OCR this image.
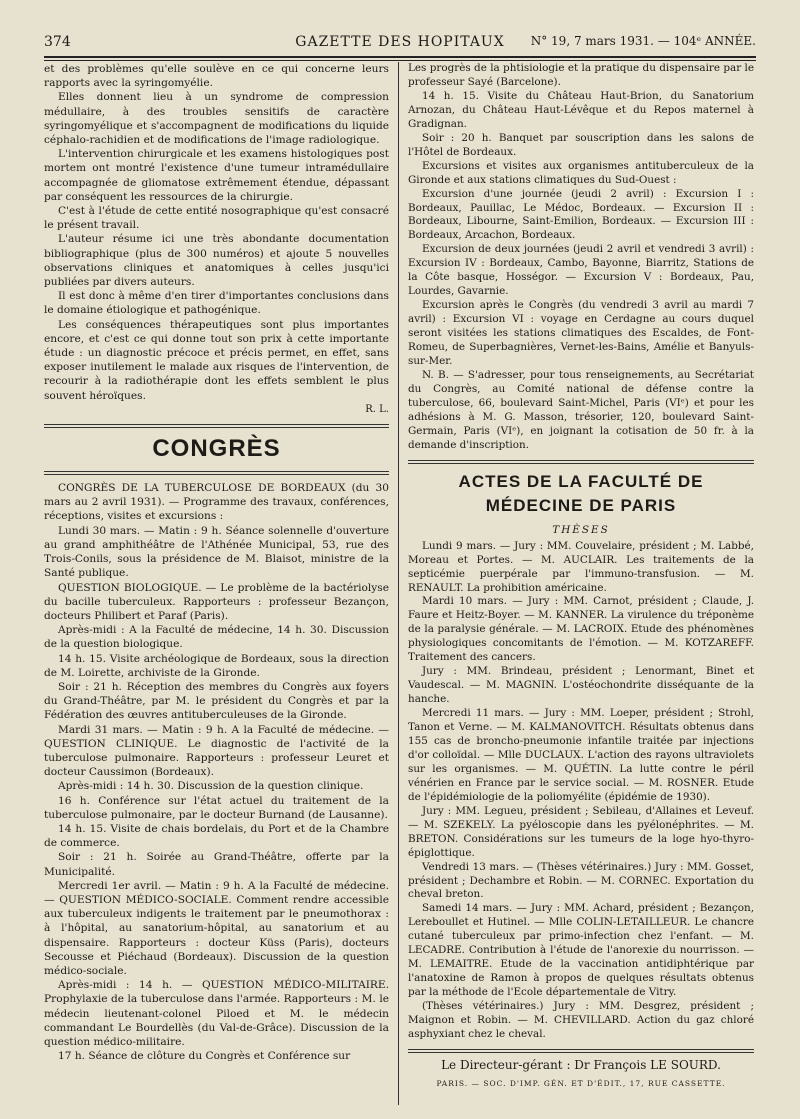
374	GAZETTE DES HOPITAUX	N° 19, 7 mars 1931. — 104ᵉ ANNÉE.

et des problèmes qu'elle soulève en ce qui concerne leurs rapports avec la syringomyélie.

Elles donnent lieu à un syndrome de compression médullaire, à des troubles sensitifs de caractère syringomyélique et s'accompagnent de modifications du liquide céphalo-rachidien et de modifications de l'image radiologique.

L'intervention chirurgicale et les examens histologiques post mortem ont montré l'existence d'une tumeur intramédullaire accompagnée de gliomatose extrêmement étendue, dépassant par conséquent les ressources de la chirurgie.

C'est à l'étude de cette entité nosographique qu'est consacré le présent travail.

L'auteur résume ici une très abondante documentation bibliographique (plus de 300 numéros) et ajoute 5 nouvelles observations cliniques et anatomiques à celles jusqu'ici publiées par divers auteurs.

Il est donc à même d'en tirer d'importantes conclusions dans le domaine étiologique et pathogénique.

Les conséquences thérapeutiques sont plus importantes encore, et c'est ce qui donne tout son prix à cette importante étude : un diagnostic précoce et précis permet, en effet, sans exposer inutilement le malade aux risques de l'intervention, de recourir à la radiothérapie dont les effets semblent le plus souvent héroïques.

R. L.
CONGRÈS

CONGRÈS DE LA TUBERCULOSE DE BORDEAUX (du 30 mars au 2 avril 1931). — Programme des travaux, conférences, réceptions, visites et excursions :

Lundi 30 mars. — Matin : 9 h. Séance solennelle d'ouverture au grand amphithéâtre de l'Athénée Municipal, 53, rue des Trois-Conils, sous la présidence de M. Blaisot, ministre de la Santé publique.

QUESTION BIOLOGIQUE. — Le problème de la bactériolyse du bacille tuberculeux. Rapporteurs : professeur Bezançon, docteurs Philibert et Paraf (Paris).

Après-midi : A la Faculté de médecine, 14 h. 30. Discussion de la question biologique.

14 h. 15. Visite archéologique de Bordeaux, sous la direction de M. Loirette, archiviste de la Gironde.

Soir : 21 h. Réception des membres du Congrès aux foyers du Grand-Théâtre, par M. le président du Congrès et par la Fédération des œuvres antituberculeuses de la Gironde.

Mardi 31 mars. — Matin : 9 h. A la Faculté de médecine. — QUESTION CLINIQUE. Le diagnostic de l'activité de la tuberculose pulmonaire. Rapporteurs : professeur Leuret et docteur Caussimon (Bordeaux).

Après-midi : 14 h. 30. Discussion de la question clinique.

16 h. Conférence sur l'état actuel du traitement de la tuberculose pulmonaire, par le docteur Burnand (de Lausanne).

14 h. 15. Visite de chais bordelais, du Port et de la Chambre de commerce.

Soir : 21 h. Soirée au Grand-Théâtre, offerte par la Municipalité.

Mercredi 1er avril. — Matin : 9 h. A la Faculté de médecine. — QUESTION MÉDICO-SOCIALE. Comment rendre accessible aux tuberculeux indigents le traitement par le pneumothorax : à l'hôpital, au sanatorium-hôpital, au sanatorium et au dispensaire. Rapporteurs : docteur Küss (Paris), docteurs Secousse et Piéchaud (Bordeaux). Discussion de la question médico-sociale.

Après-midi : 14 h. — QUESTION MÉDICO-MILITAIRE. Prophylaxie de la tuberculose dans l'armée. Rapporteurs : M. le médecin lieutenant-colonel Piloed et M. le médecin commandant Le Bourdellès (du Val-de-Grâce). Discussion de la question médico-militaire.

17 h. Séance de clôture du Congrès et Conférence sur

Les progrès de la phtisiologie et la pratique du dispensaire par le professeur Sayé (Barcelone).

14 h. 15. Visite du Château Haut-Brion, du Sanatorium Arnozan, du Château Haut-Lévêque et du Repos maternel à Gradignan.

Soir : 20 h. Banquet par souscription dans les salons de l'Hôtel de Bordeaux.

Excursions et visites aux organismes antituberculeux de la Gironde et aux stations climatiques du Sud-Ouest :

Excursion d'une journée (jeudi 2 avril) : Excursion I : Bordeaux, Pauillac, Le Médoc, Bordeaux. — Excursion II : Bordeaux, Libourne, Saint-Emilion, Bordeaux. — Excursion III : Bordeaux, Arcachon, Bordeaux.

Excursion de deux journées (jeudi 2 avril et vendredi 3 avril) : Excursion IV : Bordeaux, Cambo, Bayonne, Biarritz, Stations de la Côte basque, Hosségor. — Excursion V : Bordeaux, Pau, Lourdes, Gavarnie.

Excursion après le Congrès (du vendredi 3 avril au mardi 7 avril) : Excursion VI : voyage en Cerdagne au cours duquel seront visitées les stations climatiques des Escaldes, de Font-Romeu, de Superbagnières, Vernet-les-Bains, Amélie et Banyuls-sur-Mer.

N. B. — S'adresser, pour tous renseignements, au Secrétariat du Congrès, au Comité national de défense contre la tuberculose, 66, boulevard Saint-Michel, Paris (VIᵉ) et pour les adhésions à M. G. Masson, trésorier, 120, boulevard Saint-Germain, Paris (VIᵉ), en joignant la cotisation de 50 fr. à la demande d'inscription.

ACTES DE LA FACULTÉ DE MÉDECINE DE PARIS
THÈSES

Lundi 9 mars. — Jury : MM. Couvelaire, président ; M. Labbé, Moreau et Portes. — M. AUCLAIR. Les traitements de la septicémie puerpérale par l'immuno-transfusion. — M. RENAULT. La prohibition américaine.

Mardi 10 mars. — Jury : MM. Carnot, président ; Claude, J. Faure et Heitz-Boyer. — M. KANNER. La virulence du tréponème de la paralysie générale. — M. LACROIX. Etude des phénomènes physiologiques concomitants de l'émotion. — M. KOTZAREFF. Traitement des cancers.

Jury : MM. Brindeau, président ; Lenormant, Binet et Vaudescal. — M. MAGNIN. L'ostéochondrite disséquante de la hanche.

Mercredi 11 mars. — Jury : MM. Loeper, président ; Strohl, Tanon et Verne. — M. KALMANOVITCH. Résultats obtenus dans 155 cas de broncho-pneumonie infantile traitée par injections d'or colloïdal. — Mlle DUCLAUX. L'action des rayons ultraviolets sur les organismes. — M. QUÉTIN. La lutte contre le péril vénérien en France par le service social. — M. ROSNER. Etude de l'épidémiologie de la poliomyélite (épidémie de 1930).

Jury : MM. Legueu, président ; Sebileau, d'Allaines et Leveuf. — M. SZEKELY. La pyéloscopie dans les pyélonéphrites. — M. BRETON. Considérations sur les tumeurs de la loge hyo-thyro-épiglottique.

Vendredi 13 mars. — (Thèses vétérinaires.) Jury : MM. Gosset, président ; Dechambre et Robin. — M. CORNEC. Exportation du cheval breton.

Samedi 14 mars. — Jury : MM. Achard, président ; Bezançon, Lereboullet et Hutinel. — Mlle COLIN-LETAILLEUR. Le chancre cutané tuberculeux par primo-infection chez l'enfant. — M. LECADRE. Contribution à l'étude de l'anorexie du nourrisson. — M. LEMAITRE. Etude de la vaccination antidiphtérique par l'anatoxine de Ramon à propos de quelques résultats obtenus par la méthode de l'Ecole départementale de Vitry.

(Thèses vétérinaires.) Jury : MM. Desgrez, président ; Maignon et Robin. — M. CHEVILLARD. Action du gaz chloré asphyxiant chez le cheval.

Le Directeur-gérant : Dr François LE SOURD.
PARIS. — SOC. D'IMP. GÉN. ET D'ÉDIT., 17, RUE CASSETTE.
